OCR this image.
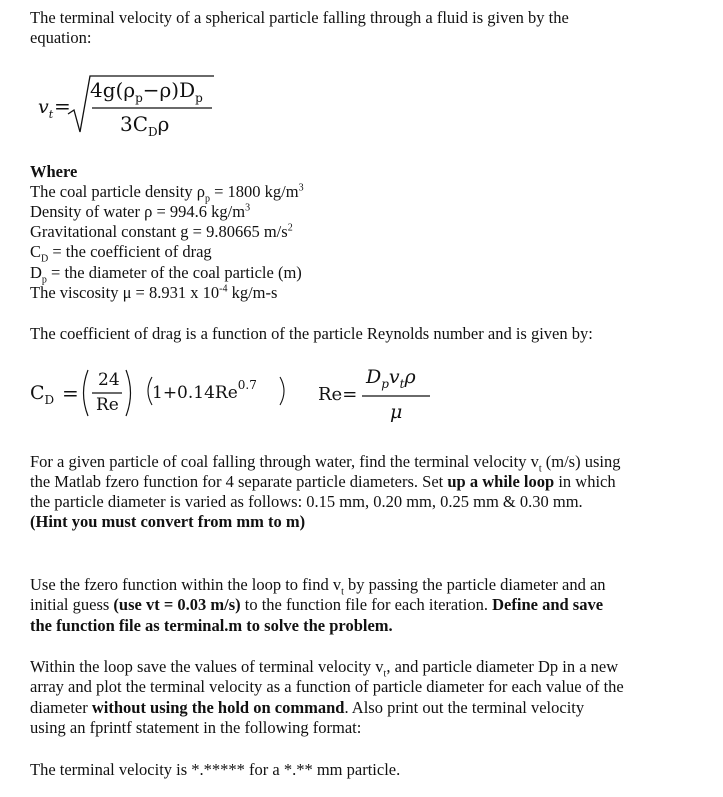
The terminal velocity of a spherical particle falling through a fluid is given by the

equation:

$v_t$ =
$4g(\rho_p-\rho)D_p$
$3C_D\rho$

Where

The coal particle density $\rho_p = 1800$ $kg/m^3$

Density of water ρ = 994.6 $kg/m^3$

Gravitational constant g = 9.80665 $m/s^2$

$C_D$ = the coefficient of drag

$D_p$ = the diameter of the coal particle (m)

The viscosity μ = 8.931 x $10^{-4}$ kg/m-s

The coefficient of drag is a function of the particle Reynolds number and is given by:

$C_D$ =
24
Re
$1+0.14Re^{0.7}$	Re=
$D_pv_t\rho$
μ

For a given particle of coal falling through water, find the terminal velocity $v_t$ (m/s) using

the Matlab fzero function for 4 separate particle diameters. Set up a while loop in which

the particle diameter is varied as follows: 0.15 mm, 0.20 mm, 0.25 mm & 0.30 mm.

(Hint you must convert from mm to m)

Use the fzero function within the loop to find $v_t$ by passing the particle diameter and an

initial guess (use vt = 0.03 m/s) to the function file for each iteration. Define and save

the function file as terminal.m to solve the problem.

Within the loop save the values of terminal velocity $v_t$, and particle diameter Dp in a new

array and plot the terminal velocity as a function of particle diameter for each value of the

diameter without using the hold on command. Also print out the terminal velocity

using an fprintf statement in the following format:

The terminal velocity is *.***** for a *.** mm particle.
